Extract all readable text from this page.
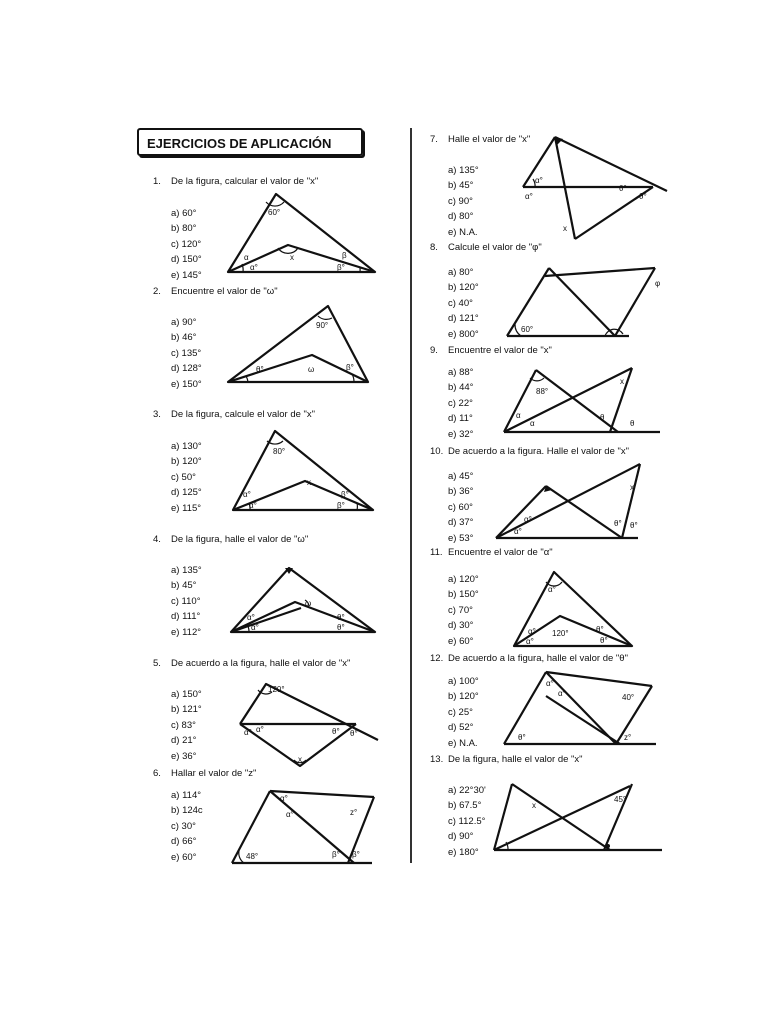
EJERCICIOS DE APLICACIÓN
1. De la figura, calcular el valor de "x"
a) 60°
b) 80°
c) 120°
d) 150°
e) 145°
60°
x
α
α°
β
β°
2. Encuentre el valor de "ω"
a) 90°
b) 46°
c) 135°
d) 128°
e) 150°
90°
ω
θ°	β°
3. De la figura, calcule el valor de "x"
a) 130°
b) 120°
c) 50°
d) 125°
e) 115°
80°
x
α°
α°
β°
β°
4. De la figura, halle el valor de "ω"
a) 135°
b) 45°
c) 110°
d) 111°
e) 112°
ω
α°
α°
θ°
θ°
5. De acuerdo a la figura, halle el valor de "x"
a) 150°
b) 121°
c) 83°
d) 21°
e) 36°
120°
x
α° α°	θ° θ°
6. Hallar el valor de "z"
a) 114°
b) 124c
c) 30°
d) 66°
e) 60°	48°
z°
α°
α°
β° β°
7. Halle el valor de "x"
a) 135°
b) 45°
c) 90°
d) 80°
e) N.A.	x
α°
α°
θ°
θ°
8. Calcule el valor de "φ"
a) 80°
b) 120°
c) 40°
d) 121°
e) 800°	60°
φ
9. Encuentre el valor de "x"
a) 88°
b) 44°
c) 22°
d) 11°
e) 32°
88°
x
α
α
θ
θ
10. De acuerdo a la figura. Halle el valor de "x"
a) 45°
b) 36°
c) 60°
d) 37°
e) 53°
x
α°
α°
θ° θ°
11. Encuentre el valor de "α"
a) 120°
b) 150°
c) 70°
d) 30°
e) 60°
α°
120°
α°
α°
θ°
θ°
12. De acuerdo a la figura, halle el valor de "θ"
a) 100°
b) 120°
c) 25°
d) 52°
e) N.A.
α°
α°	40°
θ°	z°
13. De la figura, halle el valor de "x"
a) 22°30'
b) 67.5°
c) 112.5°
d) 90°
e) 180°
x
45°
